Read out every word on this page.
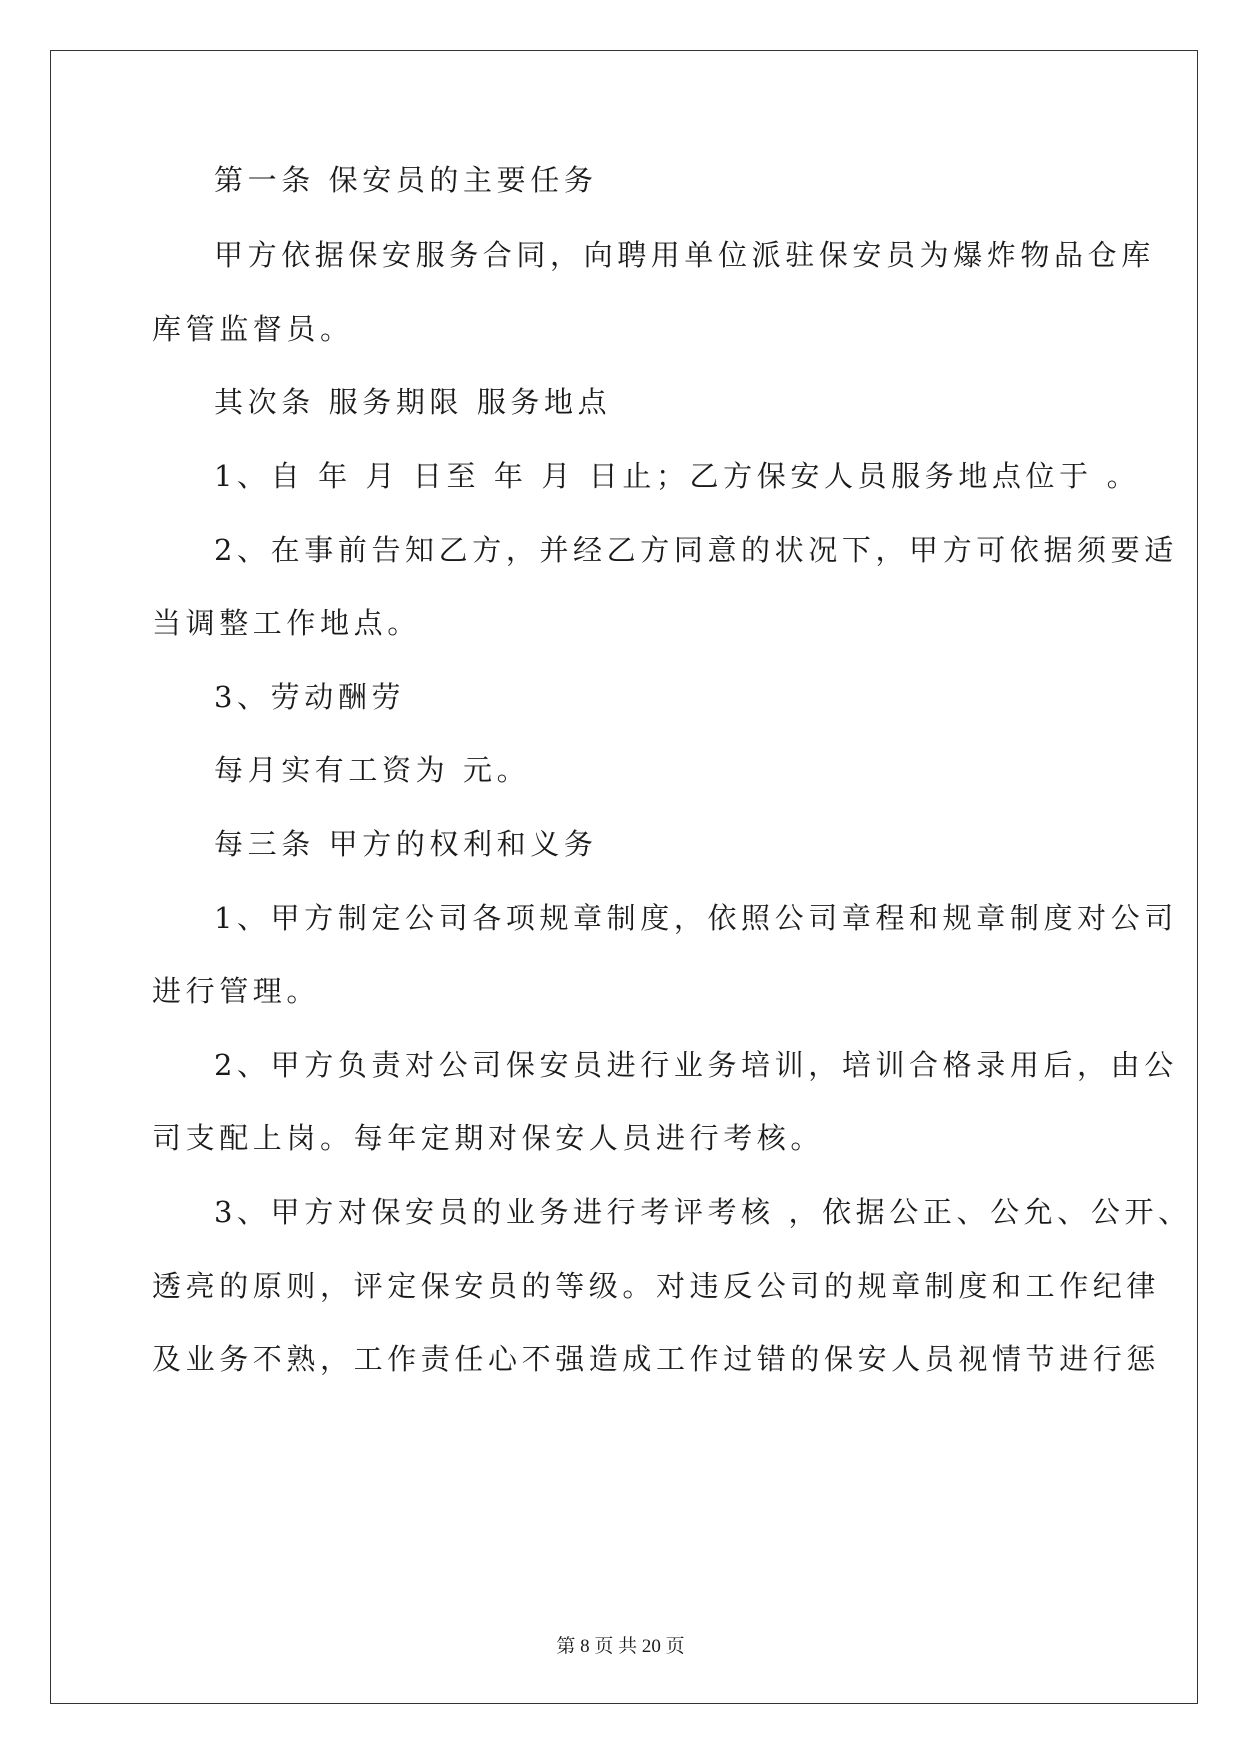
第一条 保安员的主要任务
甲方依据保安服务合同，向聘用单位派驻保安员为爆炸物品仓库
库管监督员。
其次条 服务期限 服务地点
1、自 年 月 日至 年 月 日止；乙方保安人员服务地点位于 。
2、在事前告知乙方，并经乙方同意的状况下，甲方可依据须要适
当调整工作地点。
3、劳动酬劳
每月实有工资为 元。
每三条 甲方的权利和义务
1、甲方制定公司各项规章制度，依照公司章程和规章制度对公司
进行管理。
2、甲方负责对公司保安员进行业务培训，培训合格录用后，由公
司支配上岗。每年定期对保安人员进行考核。
3、甲方对保安员的业务进行考评考核 ，依据公正、公允、公开、
透亮的原则，评定保安员的等级。对违反公司的规章制度和工作纪律
及业务不熟，工作责任心不强造成工作过错的保安人员视情节进行惩
第 8 页 共 20 页
